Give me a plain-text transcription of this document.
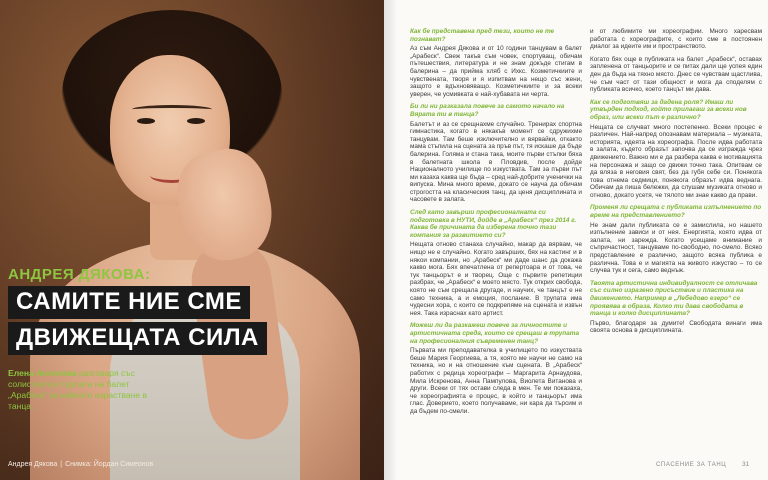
АНДРЕЯ ДЯКОВА:
САМИТЕ НИЕ СМЕ
ДВИЖЕЩАТА СИЛА
Елена Ангелова разговаря със солистката в трупата на балет „Арабеск“ за нейното израстване в танца.
Андрея Дякова | Снимка: Йордан Симеонов
Как бе представена пред тези, които не те познават?
Аз съм Андрея Дякова и от 10 години танцувам в балет „Арабеск“. Свеж такъв съм човек, спортуващ, обичам пътешествия, литература и не знам докъде стигам в балерина – да прийма хляб с Ихкс. Козметичкиите и чувствената, творя и я изпитвам на нещо със жени, защото е вдъхновяващо. Козметичкиите и за всеки уверен, че усмивката е най-хубавата ни черта.
Би ли ни разказала повече за самото начало на Вярата ти в танца?
Балетът и аз се срещнахме случайно. Тренирах спортна гимнастика, когато в някакъв момент се сдружихме танцувам. Там беше изключително и вярвайки, откакто мама стъпила на сцената за пръв път, тя искаше да бъде балерина. Голяма и стана така, моите първи стъпки бяха в балетната школа в Пловдив, после дойде Националното училище по изкуствата. Там за първи път ми казаха каква ще бъда – сред най-добрите ученички на випуска. Мина много време, докато се науча да обичам строгостта на класическия танц, да ценя дисциплината и часовете в залата.
След като завърши професионалната си подготовка в НУТИ, дойде в „Арабеск“ през 2014 г. Каква бе причината да изберена точно тази компания за развитието си?
Нещата отново станаха случайно, макар да вярвам, че нищо не е случайно. Когато завърших, бях на кастинг и в някои компании, но „Арабеск“ ми даде шанс да докажа какво мога. Бях впечатлена от репертоара и от това, че тук танцьорът е и творец. Още с първите репетиции разбрах, че „Арабеск“ е моето място. Тук открих свобода, която не съм срещала другаде, и научих, че танцът е не само техника, а и емоция, послание. В трупата има чудесни хора, с които се подкрепяме на сцената и извън нея. Така израснах като артист.
Можеш ли да разкажеш повече за личностите и артистичната среда, които се срещаш в трупата на професионалния съвременен танц?
Първата ми преподавателка в училището по изкуствата беше Мария Георгиева, а тя, която ме научи не само на техника, но и на отношение към сцената. В „Арабеск“ работих с редица хореографи – Маргарита Арнаудова, Мила Искренова, Анна Пампулова, Виолета Витанова и други. Всеки от тях остави следа в мен. Те ми показаха, че хореографията е процес, в който и танцьорът има глас. Доверието, което получаваме, ни кара да търсим и да бъдем по-смели.
и от любимите ми хореографии. Много харесвам работата с хореографите, с които сме в постоянен диалог за идеите им и пространството.
Когато бях още в публиката на балет „Арабеск“, оставах запленена от танцьорите и се питах дали ще успея един ден да бъда на тяхно място. Днес се чувствам щастлива, че съм част от тази общност и мога да споделям с публиката всичко, което танцът ми дава.
Как се подготвяш за дадена роля? Имаш ли утвърден подход, който прилагаш за всеки нов образ, или всеки път е различно?
Нещата се случват много постепенно. Всеки процес е различен. Най-напред опознавам материала – музиката, историята, идеята на хореографа. После идва работата в залата, където образът започва да се изгражда чрез движението. Важно ми е да разбера каква е мотивацията на персонажа и защо се движи точно така. Опитвам се да вляза в неговия свят, без да губя себе си. Понякога това отнема седмици, понякога образът идва веднага. Обичам да пиша бележки, да слушам музиката отново и отново, докато усетя, че тялото ми знае какво да прави.
Променя ли срещата с публиката изпълнението по време на представлението?
Не знам дали публиката се е замислила, но нашето изпълнение зависи и от нея. Енергията, която идва от залата, ни зарежда. Когато усещаме внимание и съпричастност, танцуваме по-свободно, по-смело. Всяко представление е различно, защото всяка публика е различна. Това е и магията на живото изкуство – то се случва тук и сега, само веднъж.
Твоята артистична индивидуалност се отличава със силно изразено присъствие и пластика на движението. Например в „Лебедово езеро“ се проявява в образа. Колко ти дава свободата в танца и колко дисциплината?
Първо, благодаря за думите! Свободата винаги има своята основа в дисциплината.
СПАСЕНИЕ ЗА ТАНЦ 31
